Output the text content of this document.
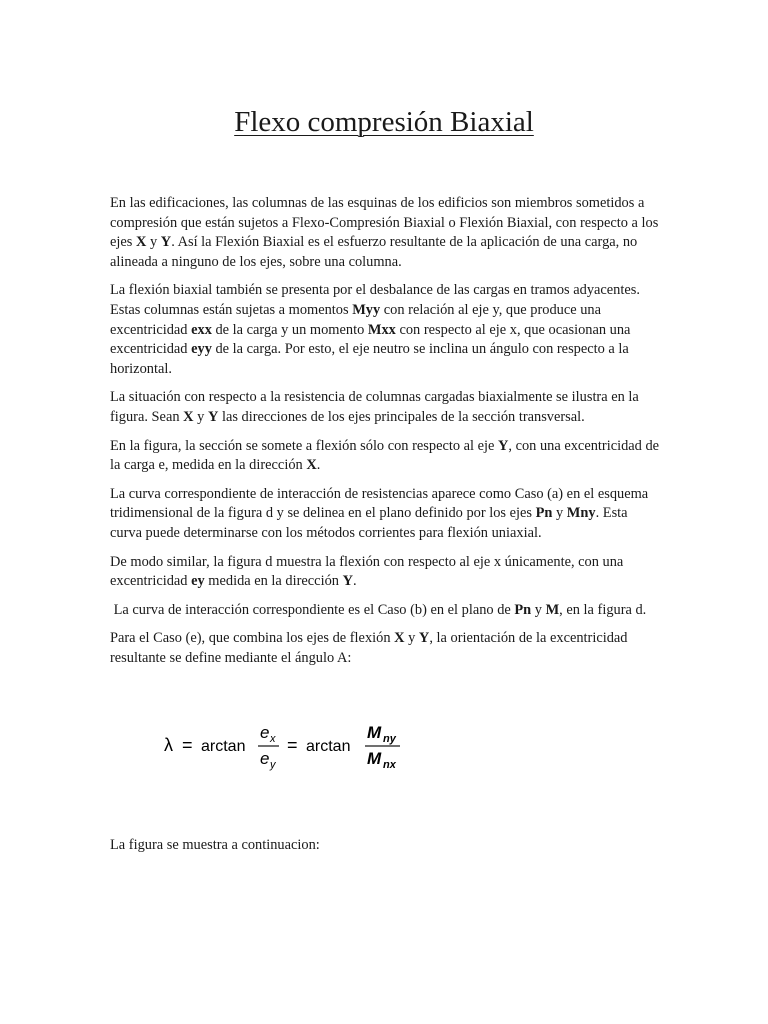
Flexo compresión Biaxial

En las edificaciones, las columnas de las esquinas de los edificios son miembros sometidos a compresión que están sujetos a Flexo-Compresión Biaxial o Flexión Biaxial, con respecto a los ejes X y Y. Así la Flexión Biaxial es el esfuerzo resultante de la aplicación de una carga, no alineada a ninguno de los ejes, sobre una columna.

La flexión biaxial también se presenta por el desbalance de las cargas en tramos adyacentes. Estas columnas están sujetas a momentos Myy con relación al eje y, que produce una excentricidad exx de la carga y un momento Mxx con respecto al eje x, que ocasionan una excentricidad eyy de la carga. Por esto, el eje neutro se inclina un ángulo con respecto a la horizontal.

La situación con respecto a la resistencia de columnas cargadas biaxialmente se ilustra en la figura. Sean X y Y las direcciones de los ejes principales de la sección transversal.

En la figura, la sección se somete a flexión sólo con respecto al eje Y, con una excentricidad de la carga e, medida en la dirección X.

La curva correspondiente de interacción de resistencias aparece como Caso (a) en el esquema tridimensional de la figura d y se delinea en el plano definido por los ejes Pn y Mny. Esta curva puede determinarse con los métodos corrientes para flexión uniaxial.

De modo similar, la figura d muestra la flexión con respecto al eje x únicamente, con una excentricidad ey medida en la dirección Y.

La curva de interacción correspondiente es el Caso (b) en el plano de Pn y M, en la figura d.

Para el Caso (e), que combina los ejes de flexión X y Y, la orientación de la excentricidad resultante se define mediante el ángulo A:

λ = arctan
e x
e y
= arctan
M ny
M nx
La figura se muestra a continuacion:
